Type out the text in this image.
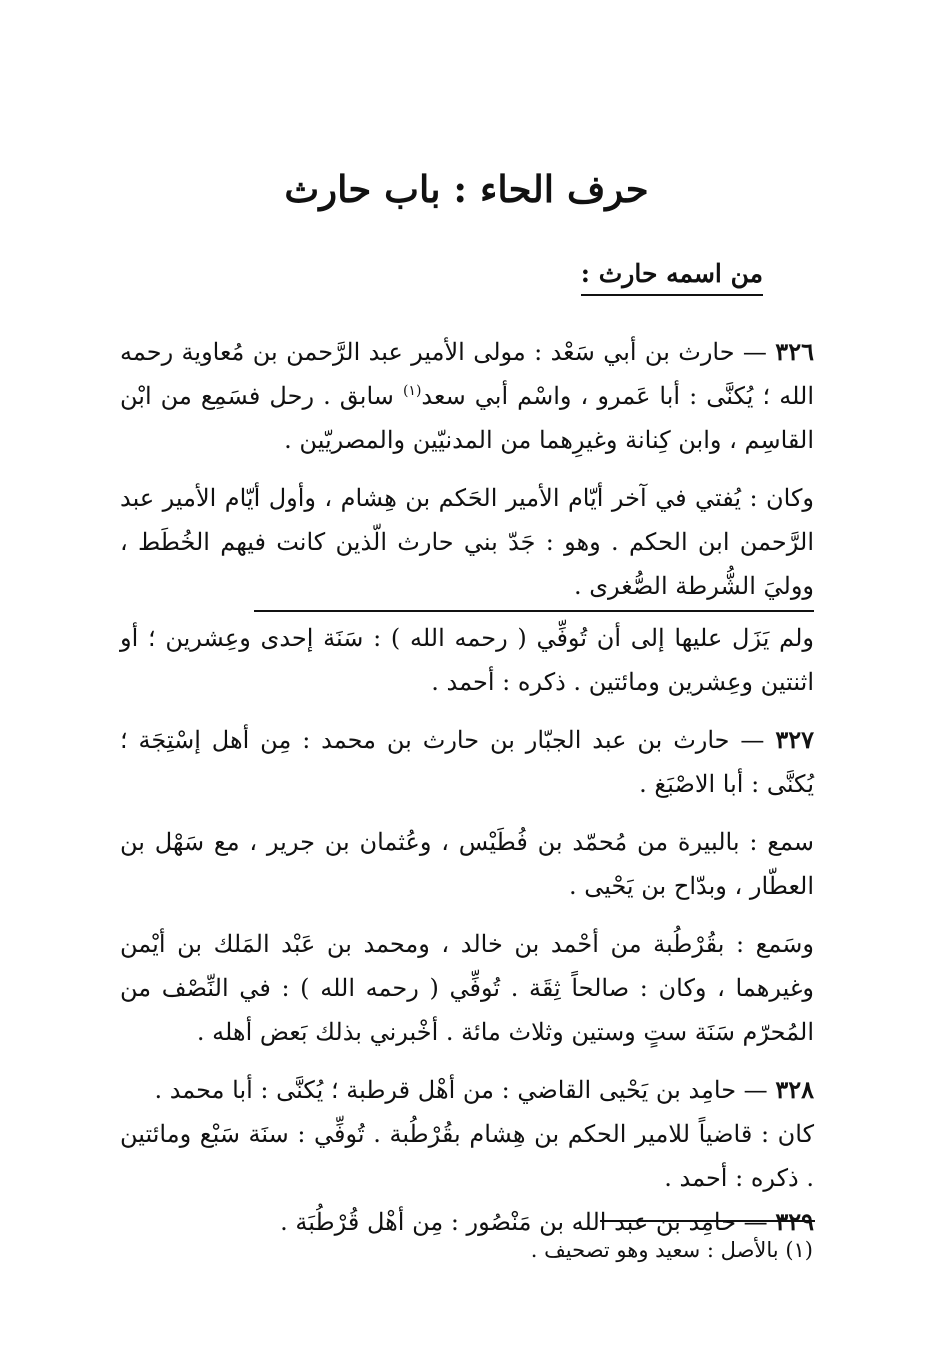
حرف الحاء : باب حارث
من اسمه حارث :

٣٢٦ — حارث بن أبي سَعْد : مولى الأمير عبد الرَّحمن بن مُعاوية رحمه الله ؛ يُكنَّى : أبا عَمرو ، واسْم أبي سعد$^{(١)}$ سابق . رحل فسَمِع من ابْن القاسِم ، وابن كِنانة وغيرِهما من المدنيّين والمصريّين .

وكان : يُفتي في آخر أيّام الأمير الحَكم بن هِشام ، وأول أيّام الأمير عبد الرَّحمن ابن الحكم . وهو : جَدّ بني حارث الّذين كانت فيهم الخُطَط ، ووليَ الشُّرطة الصُّغرى .
ولم يَزَل عليها إلى أن تُوفِّي ( رحمه الله ) : سَنَة إحدى وعِشرين ؛ أو اثنتين وعِشرين ومائتين . ذكره : أحمد .

٣٢٧ — حارث بن عبد الجبّار بن حارث بن محمد : مِن أهل إسْتِجَة ؛ يُكنَّى : أبا الاصْبَغ .

سمع : بالبيرة من مُحمّد بن فُطَيْس ، وعُثمان بن جرير ، مع سَهْل بن العطّار ، وبدّاح بن يَحْيى .

وسَمع : بقُرْطُبة من أحْمد بن خالد ، ومحمد بن عَبْد المَلك بن أيْمن وغيرهما ، وكان : صالحاً ثِقَة . تُوفِّي ( رحمه الله ) : في النِّصْف من المُحرّم سَنَة ستٍ وستين وثلاث مائة . أخْبرني بذلك بَعض أهله .

٣٢٨ — حامِد بن يَحْيى القاضي : من أهْل قرطبة ؛ يُكنَّى : أبا محمد .
كان : قاضياً للامير الحكم بن هِشام بقُرْطُبة . تُوفِّي : سنَة سَبْع ومائتين . ذكره : أحمد .

٣٢٩ — حامِد بن عبد الله بن مَنْصُور : مِن أهْل قُرْطُبَة .

(١) بالأصل : سعيد وهو تصحيف .
